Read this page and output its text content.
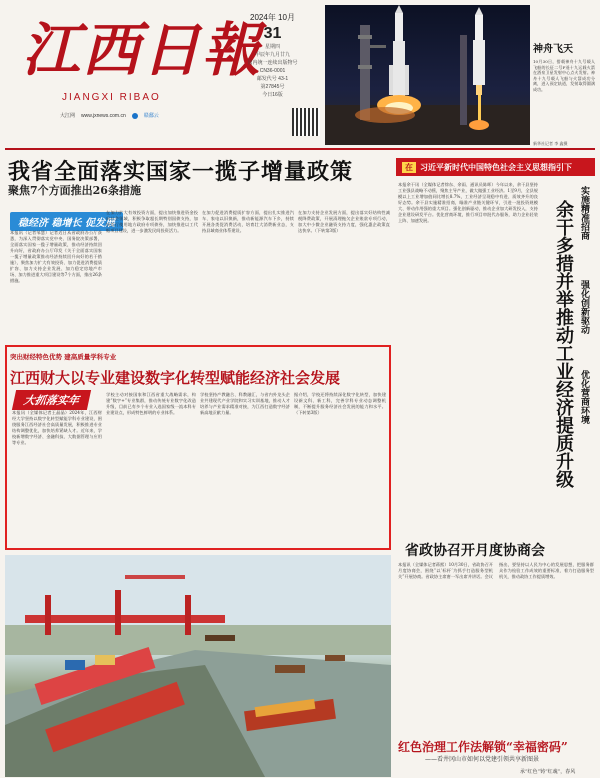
江西日報
JIANGXI RIBAO
大江网 www.jxnews.com.cn	赣鄱云
2024年 10月
31
星期四
甲辰年九月廿九
国内统一连续出版物号
CN36-0001
邮发代号 43-1
第27845号
今日16版
神舟飞天
10月30日，搭载神舟十九号载人飞船的长征二号F遥十九运载火箭在酒泉卫星发射中心点火发射。神舟十九号载人飞船与火箭成功分离，进入预定轨道，发射取得圆满成功。
新华社记者 李 鑫摄
我省全面落实国家一揽子增量政策
聚焦7个方面推出26条措施
稳经济 稳增长 促发展
本报讯（记者邹慧）记者近日从省政府办公厅获悉，为深入贯彻落实党中央、国务院决策部署，全面落实国家一揽子增量政策，推动经济持续回升向好，省政府办公厅印发《关于全面落实国家一揽子增量政策推动经济持续回升向好的若干措施》，聚焦加力扩大有效投资、加力促进消费提质扩容、加力支持企业发展、加力稳定房地产市场、加力推进重大项目建设等7个方面，推出26条措施。
在加力扩大有效投资方面，提出加快推进资金投向社会领域，积极争取超长期特别国债支持，加快发行使用地方政府专项债券，加快推进以工代赈项目建设，进一步激发民间投资活力。
在加力促进消费提质扩容方面，提出扎实推进汽车、家电以旧换新，推动新能源汽车下乡，持续开展各类促消费活动，培育壮大消费新业态，支持县域商业体系建设。
在加力支持企业发展方面，提出落实好结构性减税降费政策，开展清理拖欠企业账款专项行动，加大中小微企业融资支持力度，强化惠企政策直达快享。（下转第3版）
突出财经特色优势 建高质量学科专业
江西财大以专业建设数字化转型赋能经济社会发展
大抓落实年
本报讯（全媒体记者王晶晶）2024年，江西财经大学坚持以数字化转型赋能学科专业建设，围绕服务江西经济社会高质量发展，积极推进专业结构调整优化，加快培养紧缺人才。近年来，学校新增数字经济、金融科技、大数据管理与应用等专业。
学校主动对接国家和江西省重大战略需求，构建“数字+”专业集群，推动传统专业数字化改造升级，目前已有多个专业入选国家级一流本科专业建设点，形成特色鲜明的专业体系。
学校坚持产教融合、科教融汇，与省内外龙头企业共建现代产业学院和实习实训基地，推动人才培养与产业需求精准对接，为江西打造数字经济新高地贡献力量。
据介绍，学校还将持续深化数字化转型，加快建设新文科、新工科，完善学科专业动态调整机制，不断提升服务经济社会发展的能力和水平。（下转第3版）
在 习近平新时代中国特色社会主义思想指引下
本报余干讯（全媒体记者徐东、余雨、通讯员陈晖）今年以来，余干县坚持工业强县战略不动摇，聚焦主导产业，做大做强工业经济。1至9月，全县规模以上工业增加值同比增长8.7%，工业经济呈现稳中有进、质效齐升的良好态势。余干县实施精准招商，瞄准产业链关键环节，引进一批投资规模大、带动作用强的重大项目。强化创新驱动，推动企业加大研发投入，支持企业建设研发平台。优化营商环境，推行项目审批代办服务，助力企业轻装上阵、加速发展。	余干多措并举推动工业经济提质升级 实施精准招商
强化创新驱动
优化营商环境
省政协召开月度协商会
本报讯（全媒体记者蒋熙）10月30日，省政协召开月度协商会，围绕“以‘标杆’为抓手打造服务型机关”开展协商。省政协主席唐一军出席并讲话。会议指出，要坚持以人民为中心的发展思想，把服务群众作为检验工作成效的重要标准，着力打造服务型机关，推动政协工作提质增效。
红色治理工作法解锁“幸福密码”
——看井冈山市如何以党建引领共享新图景
承“红色”铸“红魂”，春风
